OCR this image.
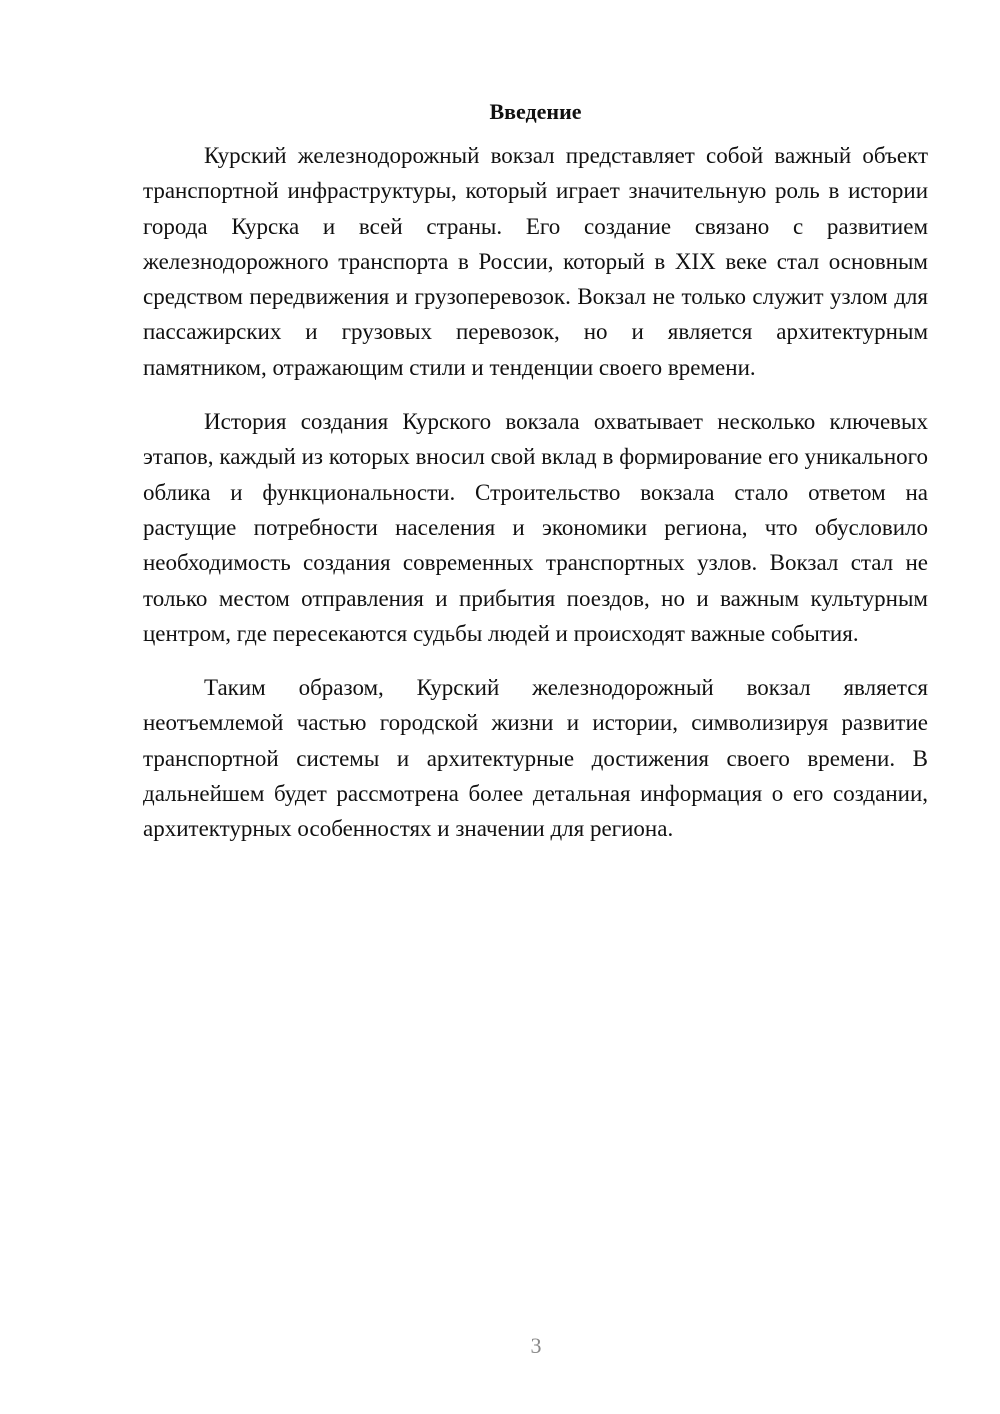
Введение

Курский железнодорожный вокзал представляет собой важный объект транспортной инфраструктуры, который играет значительную роль в истории города Курска и всей страны. Его создание связано с развитием железнодорожного транспорта в России, который в XIX веке стал основным средством передвижения и грузоперевозок. Вокзал не только служит узлом для пассажирских и грузовых перевозок, но и является архитектурным памятником, отражающим стили и тенденции своего времени.

История создания Курского вокзала охватывает несколько ключевых этапов, каждый из которых вносил свой вклад в формирование его уникального облика и функциональности. Строительство вокзала стало ответом на растущие потребности населения и экономики региона, что обусловило необходимость создания современных транспортных узлов. Вокзал стал не только местом отправления и прибытия поездов, но и важным культурным центром, где пересекаются судьбы людей и происходят важные события.

Таким образом, Курский железнодорожный вокзал является неотъемлемой частью городской жизни и истории, символизируя развитие транспортной системы и архитектурные достижения своего времени. В дальнейшем будет рассмотрена более детальная информация о его создании, архитектурных особенностях и значении для региона.

3
